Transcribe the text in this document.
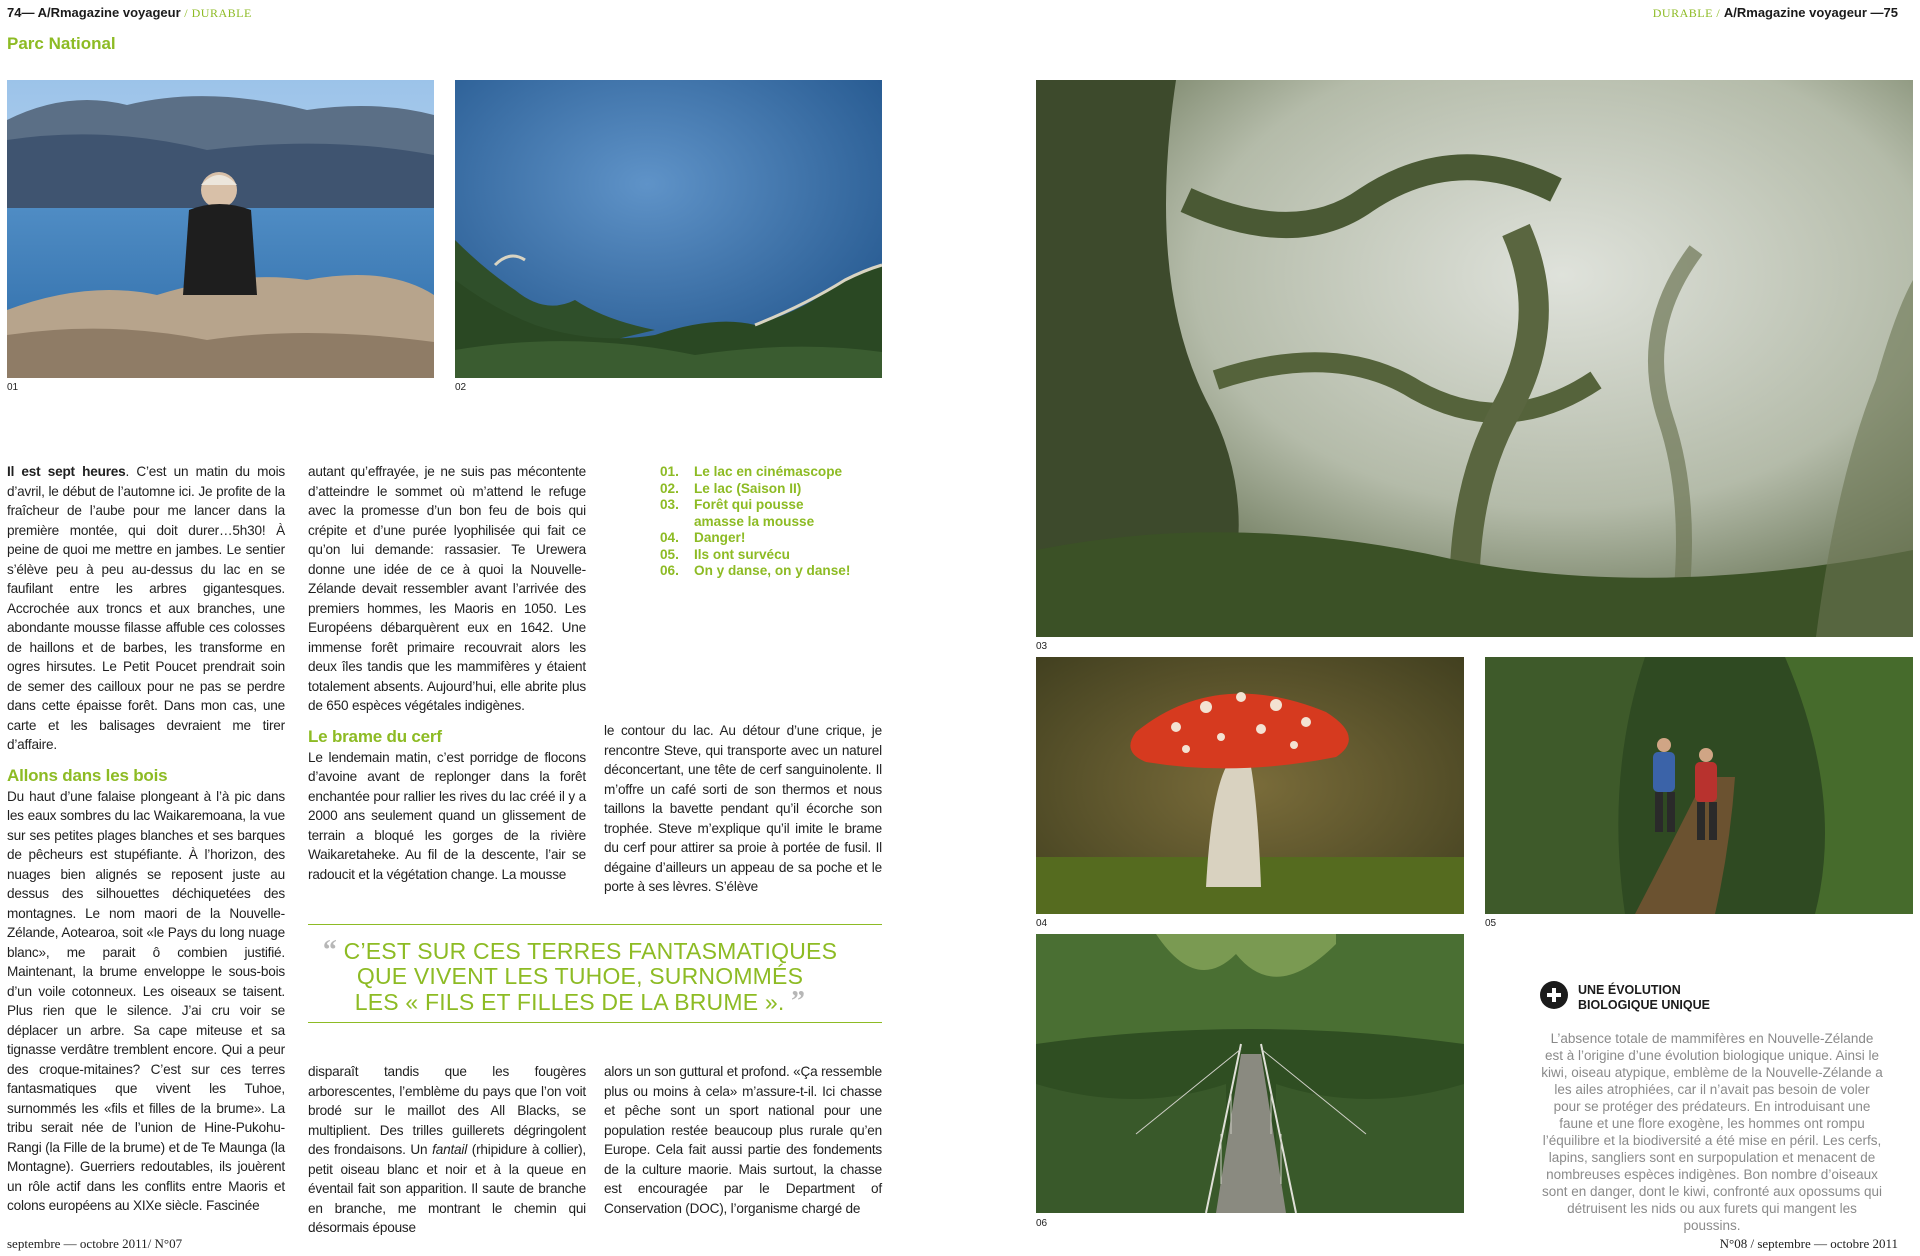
74— A/Rmagazine voyageur / DURABLE	DURABLE / A/Rmagazine voyageur —75
Parc National
01	02

Il est sept heures. C’est un matin du mois d’avril, le début de l’automne ici. Je profite de la fraîcheur de l’aube pour me lancer dans la première montée, qui doit durer…5h30! À peine de quoi me mettre en jambes. Le sentier s’élève peu à peu au-dessus du lac en se faufilant entre les arbres gigantesques. Accrochée aux troncs et aux branches, une abondante mousse filasse affuble ces colosses de haillons et de barbes, les transforme en ogres hirsutes. Le Petit Poucet prendrait soin de semer des cailloux pour ne pas se perdre dans cette épaisse forêt. Dans mon cas, une carte et les balisages devraient me tirer d’affaire.

Allons dans les bois

Du haut d’une falaise plongeant à l’à pic dans les eaux sombres du lac Waikaremoana, la vue sur ses petites plages blanches et ses barques de pêcheurs est stupéfiante. À l’horizon, des nuages bien alignés se reposent juste au dessus des silhouettes déchiquetées des montagnes. Le nom maori de la Nouvelle-Zélande, Aotearoa, soit «le Pays du long nuage blanc», me parait ô combien justifié. Maintenant, la brume enveloppe le sous-bois d’un voile cotonneux. Les oiseaux se taisent. Plus rien que le silence. J’ai cru voir se déplacer un arbre. Sa cape miteuse et sa tignasse verdâtre tremblent encore. Qui a peur des croque-mitaines? C’est sur ces terres fantasmatiques que vivent les Tuhoe, surnommés les «fils et filles de la brume». La tribu serait née de l’union de Hine-Pukohu-Rangi (la Fille de la brume) et de Te Maunga (la Montagne). Guerriers redoutables, ils jouèrent un rôle actif dans les conflits entre Maoris et colons européens au XIXe siècle. Fascinée

autant qu’effrayée, je ne suis pas mécontente d’atteindre le sommet où m’attend le refuge avec la promesse d’un bon feu de bois qui crépite et d’une purée lyophilisée qui fait ce qu’on lui demande: rassasier. Te Urewera donne une idée de ce à quoi la Nouvelle-Zélande devait ressembler avant l’arrivée des premiers hommes, les Maoris en 1050. Les Européens débarquèrent eux en 1642. Une immense forêt primaire recouvrait alors les deux îles tandis que les mammifères y étaient totalement absents. Aujourd’hui, elle abrite plus de 650 espèces végétales indigènes.

Le brame du cerf

Le lendemain matin, c’est porridge de flocons d’avoine avant de replonger dans la forêt enchantée pour rallier les rives du lac créé il y a 2000 ans seulement quand un glissement de terrain a bloqué les gorges de la rivière Waikaretaheke. Au fil de la descente, l’air se radoucit et la végétation change. La mousse

disparaît tandis que les fougères arborescentes, l’emblème du pays que l’on voit brodé sur le maillot des All Blacks, se multiplient. Des trilles guillerets dégringolent des frondaisons. Un fantail (rhipidure à collier), petit oiseau blanc et noir et à la queue en éventail fait son apparition. Il saute de branche en branche, me montrant le chemin qui désormais épouse

01.	Le lac en cinémascope
02.	Le lac (Saison II)
03.	Forêt qui pousse amasse la mousse
04.	Danger!
05.	Ils ont survécu
06.	On y danse, on y danse!

le contour du lac. Au détour d’une crique, je rencontre Steve, qui transporte avec un naturel déconcertant, une tête de cerf sanguinolente. Il m’offre un café sorti de son thermos et nous taillons la bavette pendant qu’il écorche son trophée. Steve m’explique qu’il imite le brame du cerf pour attirer sa proie à portée de fusil. Il dégaine d’ailleurs un appeau de sa poche et le porte à ses lèvres. S’élève

alors un son guttural et profond. «Ça ressemble plus ou moins à cela» m’assure-t-il. Ici chasse et pêche sont un sport national pour une population restée beaucoup plus rurale qu’en Europe. Cela fait aussi partie des fondements de la culture maorie. Mais surtout, la chasse est encouragée par le Department of Conservation (DOC), l’organisme chargé de

“ C’EST SUR CES TERRES FANTASMATIQUES
QUE VIVENT LES TUHOE, SURNOMMÉS
LES « FILS ET FILLES DE LA BRUME ». ”
03
04	05
06
UNE ÉVOLUTION
BIOLOGIQUE UNIQUE
L’absence totale de mammifères en Nouvelle-Zélande est à l’origine d’une évolution biologique unique. Ainsi le kiwi, oiseau atypique, emblème de la Nouvelle-Zélande a les ailes atrophiées, car il n’avait pas besoin de voler pour se protéger des prédateurs. En introduisant une faune et une flore exogène, les hommes ont rompu l’équilibre et la biodiversité a été mise en péril. Les cerfs, lapins, sangliers sont en surpopulation et menacent de nombreuses espèces indigènes. Bon nombre d’oiseaux sont en danger, dont le kiwi, confronté aux opossums qui détruisent les nids ou aux furets qui mangent les poussins.
septembre — octobre 2011/ N°07	N°08 / septembre — octobre 2011
